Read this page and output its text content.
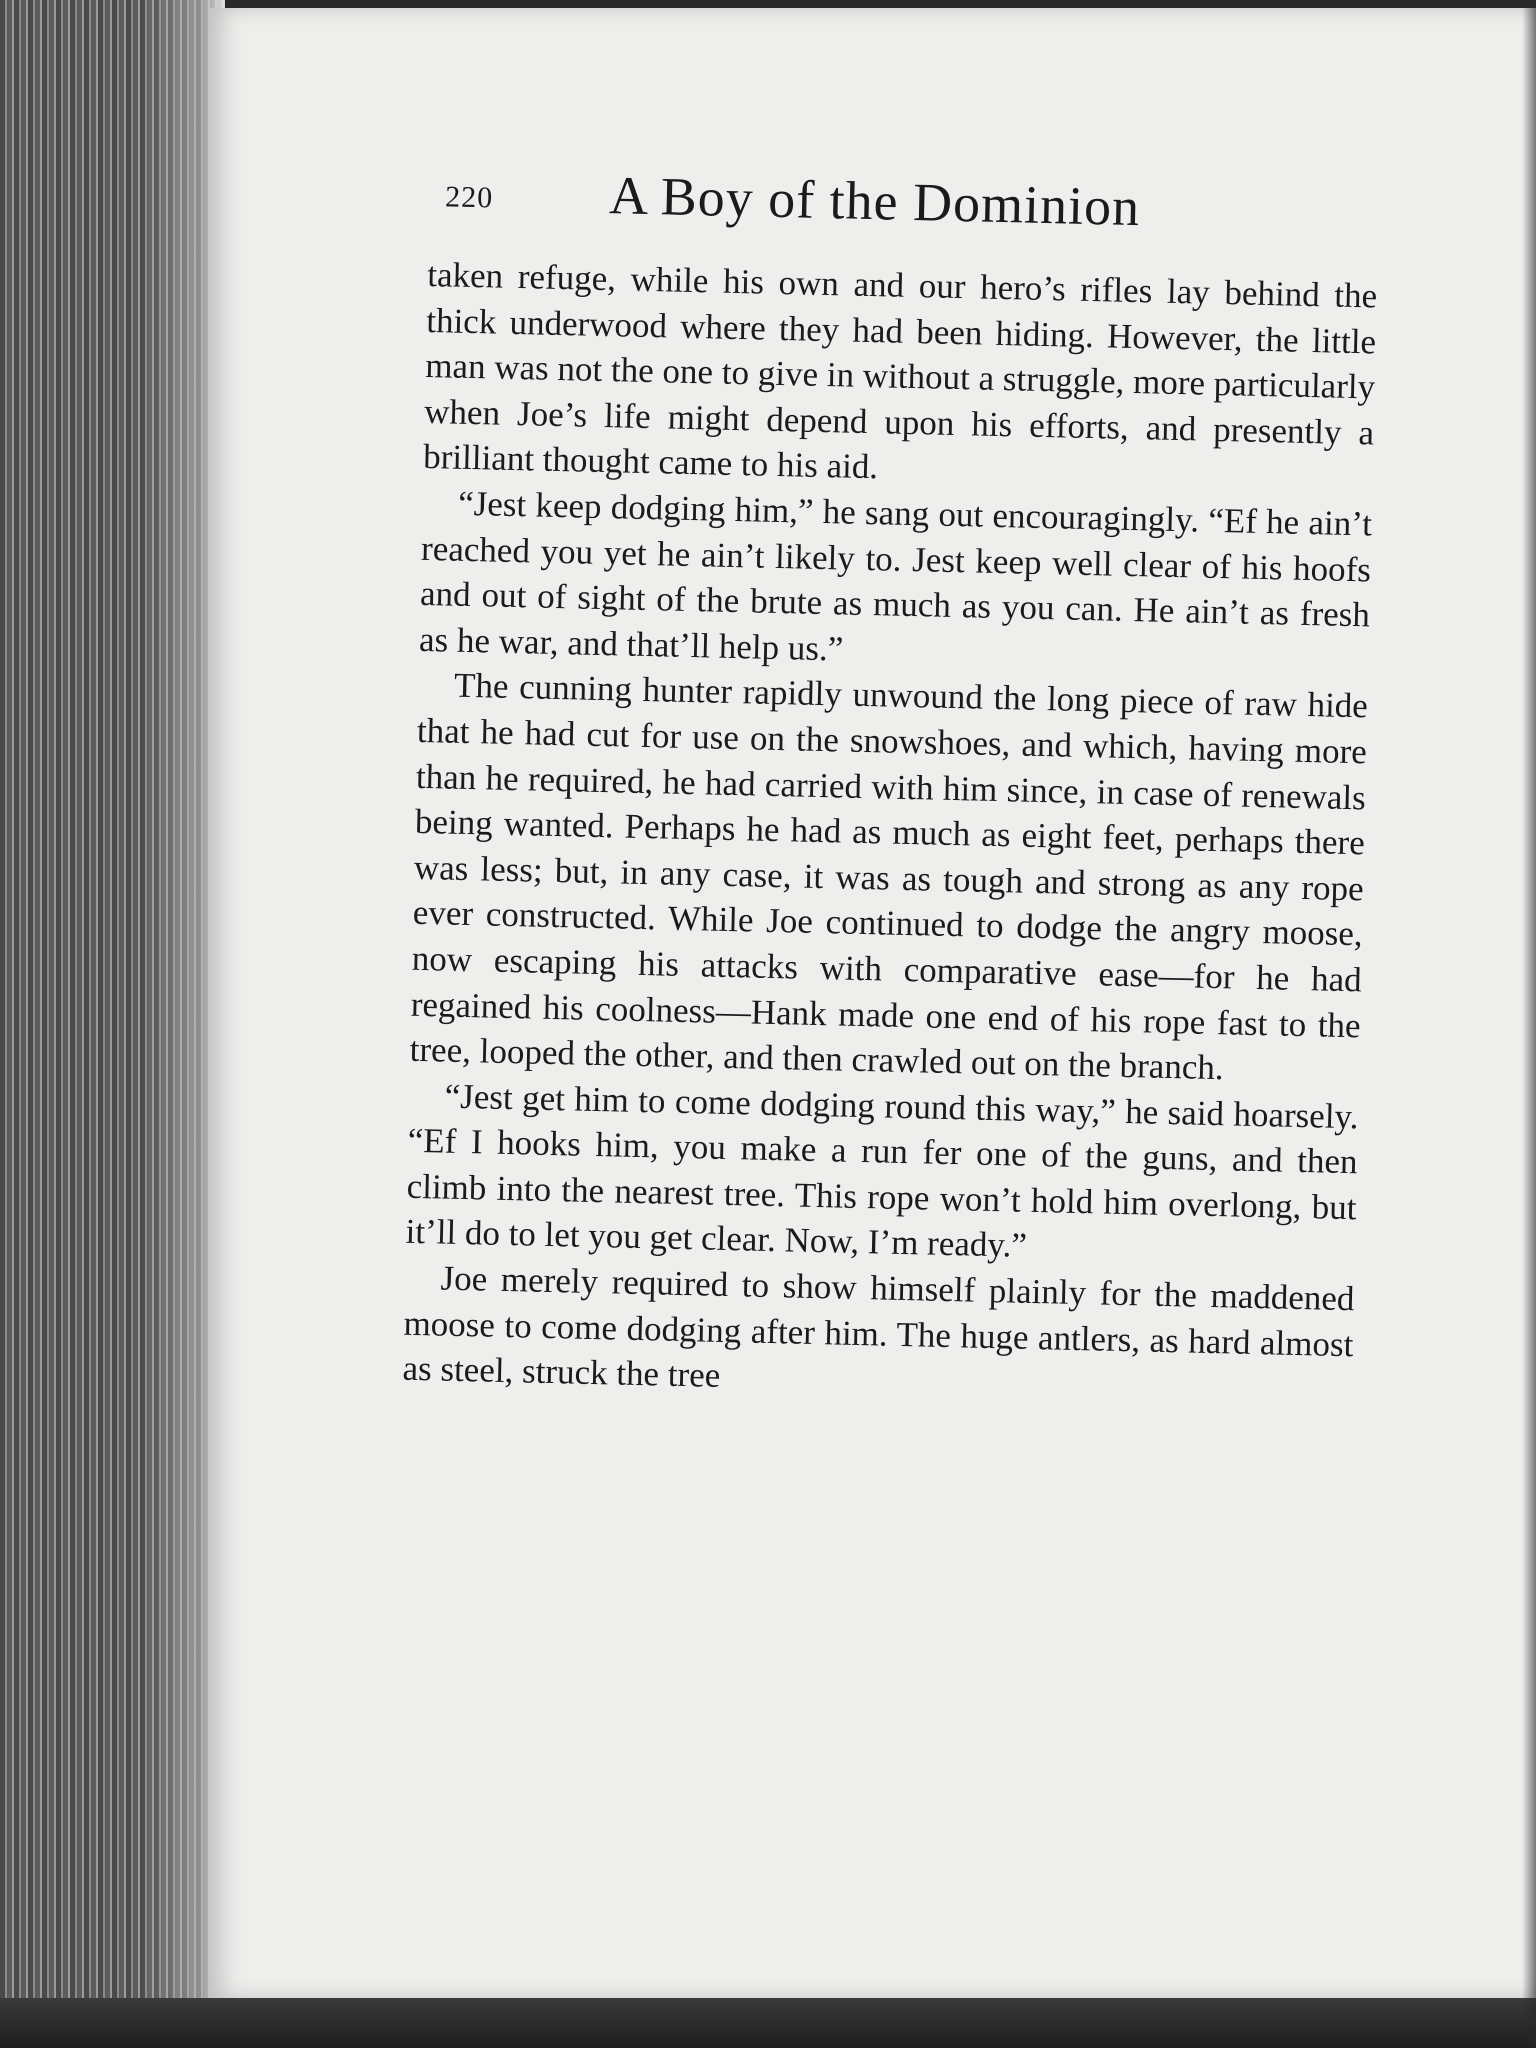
220 A Boy of the Dominion

taken refuge, while his own and our hero’s rifles lay behind the thick underwood where they had been hiding. However, the little man was not the one to give in without a struggle, more particularly when Joe’s life might depend upon his efforts, and presently a brilliant thought came to his aid.

“Jest keep dodging him,” he sang out encouragingly. “Ef he ain’t reached you yet he ain’t likely to. Jest keep well clear of his hoofs and out of sight of the brute as much as you can. He ain’t as fresh as he war, and that’ll help us.”

The cunning hunter rapidly unwound the long piece of raw hide that he had cut for use on the snowshoes, and which, having more than he required, he had carried with him since, in case of renewals being wanted. Perhaps he had as much as eight feet, perhaps there was less; but, in any case, it was as tough and strong as any rope ever constructed. While Joe continued to dodge the angry moose, now escaping his attacks with comparative ease—for he had regained his coolness—Hank made one end of his rope fast to the tree, looped the other, and then crawled out on the branch.

“Jest get him to come dodging round this way,” he said hoarsely. “Ef I hooks him, you make a run fer one of the guns, and then climb into the nearest tree. This rope won’t hold him overlong, but it’ll do to let you get clear. Now, I’m ready.”

Joe merely required to show himself plainly for the maddened moose to come dodging after him. The huge antlers, as hard almost as steel, struck the tree
